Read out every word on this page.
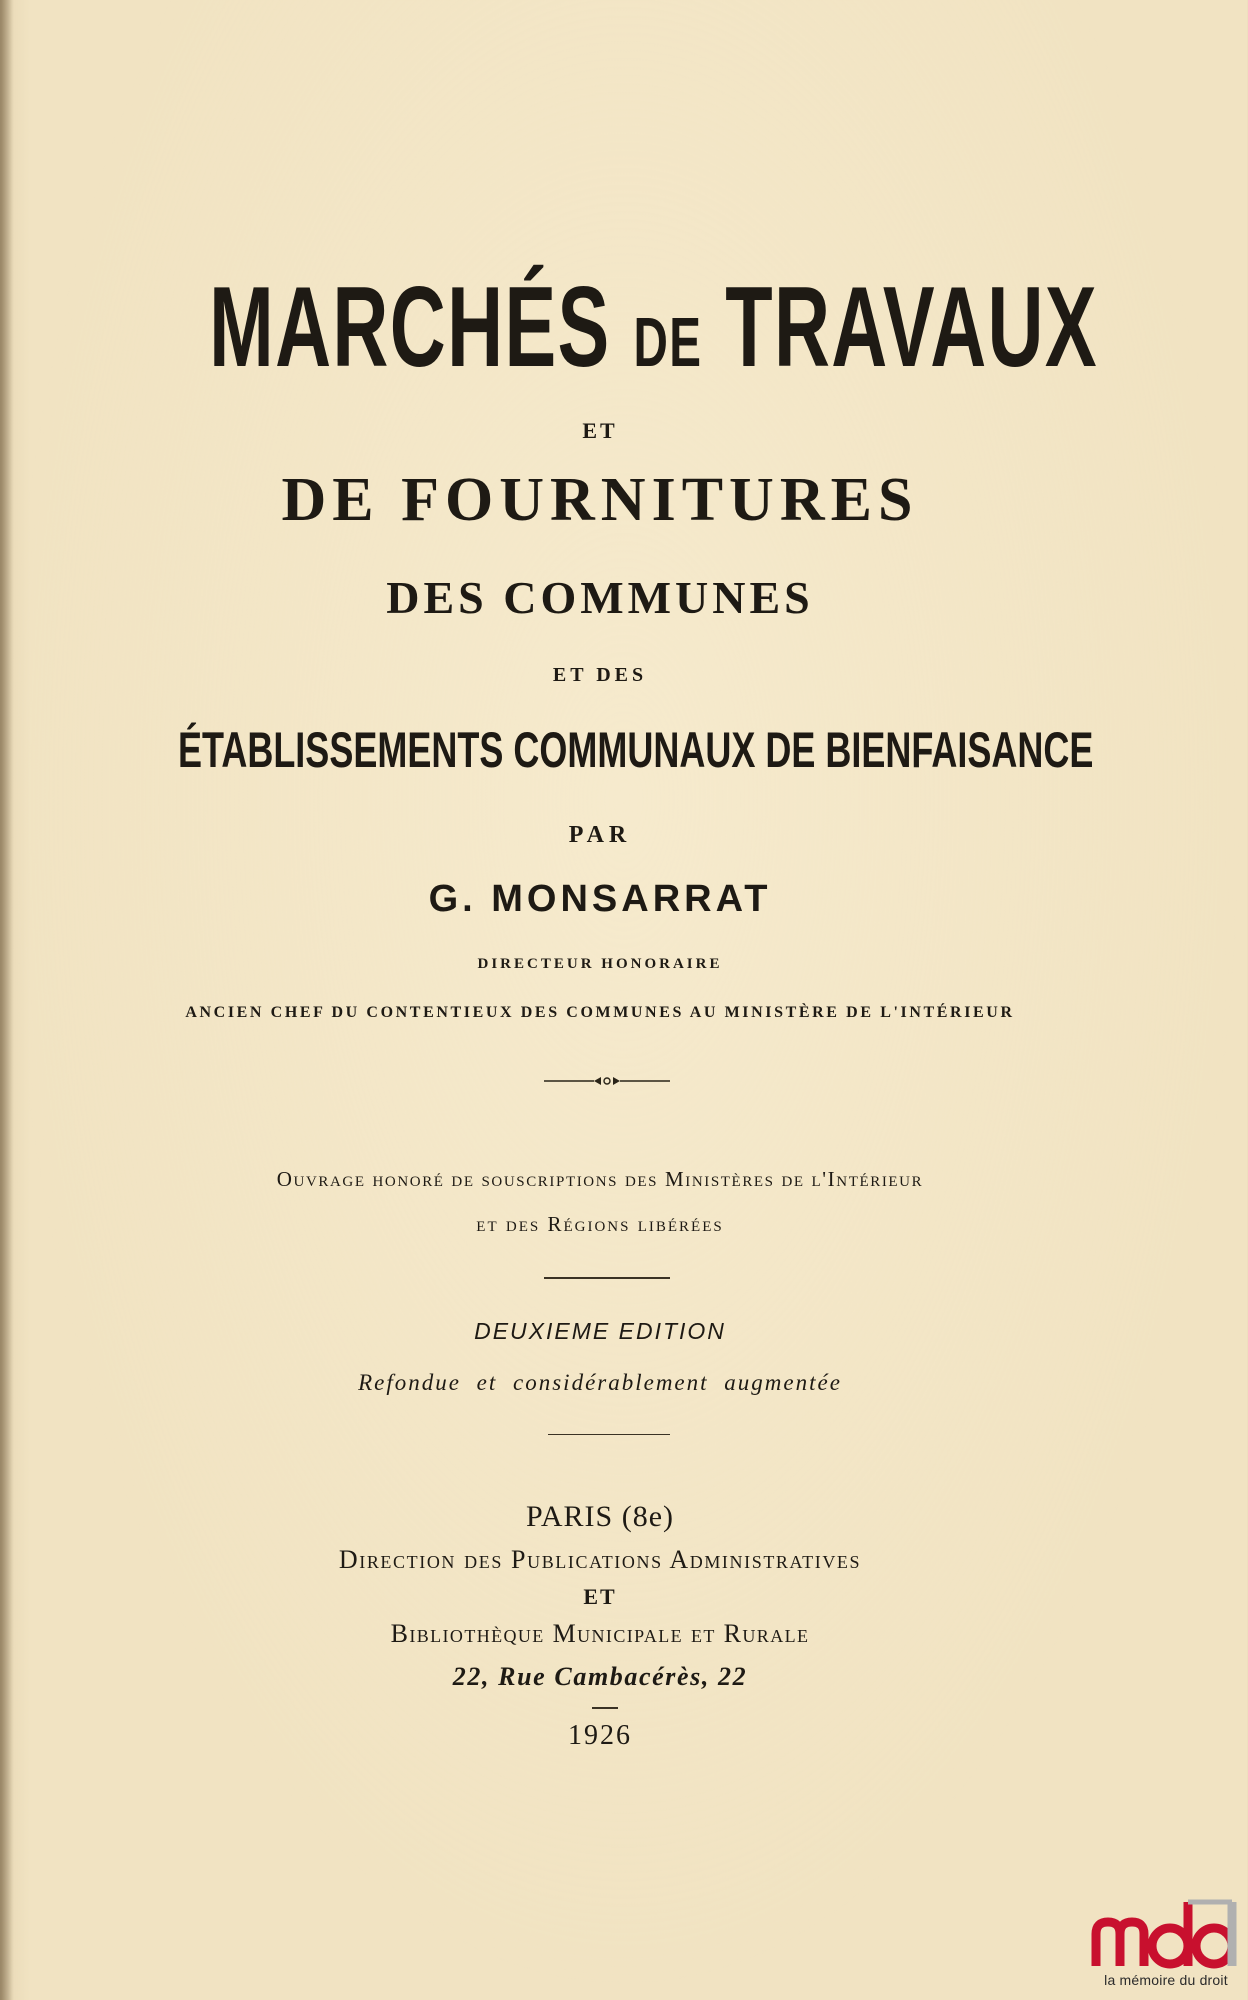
MARCHÉS DE TRAVAUX
ET
DE FOURNITURES
DES COMMUNES
ET DES
ÉTABLISSEMENTS COMMUNAUX DE BIENFAISANCE
PAR
G. MONSARRAT
DIRECTEUR HONORAIRE
ANCIEN CHEF DU CONTENTIEUX DES COMMUNES AU MINISTÈRE DE L'INTÉRIEUR
Ouvrage honoré de souscriptions des Ministères de l'Intérieur
et des Régions libérées
DEUXIEME EDITION
Refondue et considérablement augmentée
PARIS (8e)
Direction des Publications Administratives
ET
Bibliothèque Municipale et Rurale
22, Rue Cambacérès, 22
1926
la mémoire du droit
